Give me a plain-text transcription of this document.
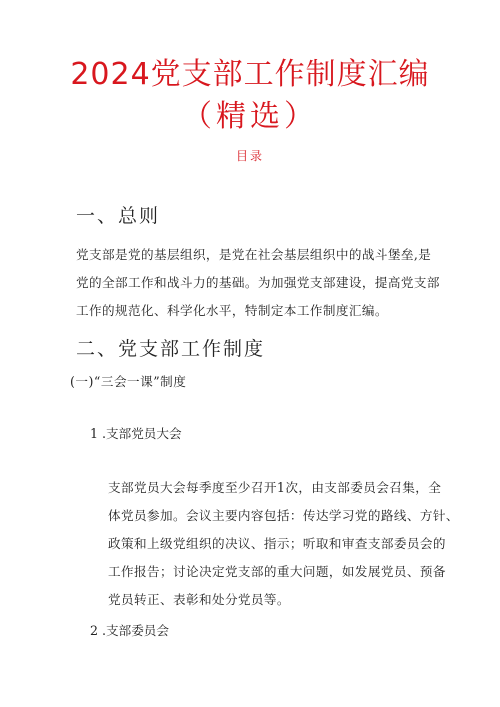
2024党支部工作制度汇编
（精选）
目录
一、总则
党支部是党的基层组织，是党在社会基层组织中的战斗堡垒,是
党的全部工作和战斗力的基础。为加强党支部建设，提高党支部
工作的规范化、科学化水平，特制定本工作制度汇编。
二、党支部工作制度
(一)“三会一课”制度
1 .支部党员大会
支部党员大会每季度至少召开1次，由支部委员会召集，全
体党员参加。会议主要内容包括：传达学习党的路线、方针、
政策和上级党组织的决议、指示；听取和审查支部委员会的
工作报告；讨论决定党支部的重大问题，如发展党员、预备
党员转正、表彰和处分党员等。
2 .支部委员会
